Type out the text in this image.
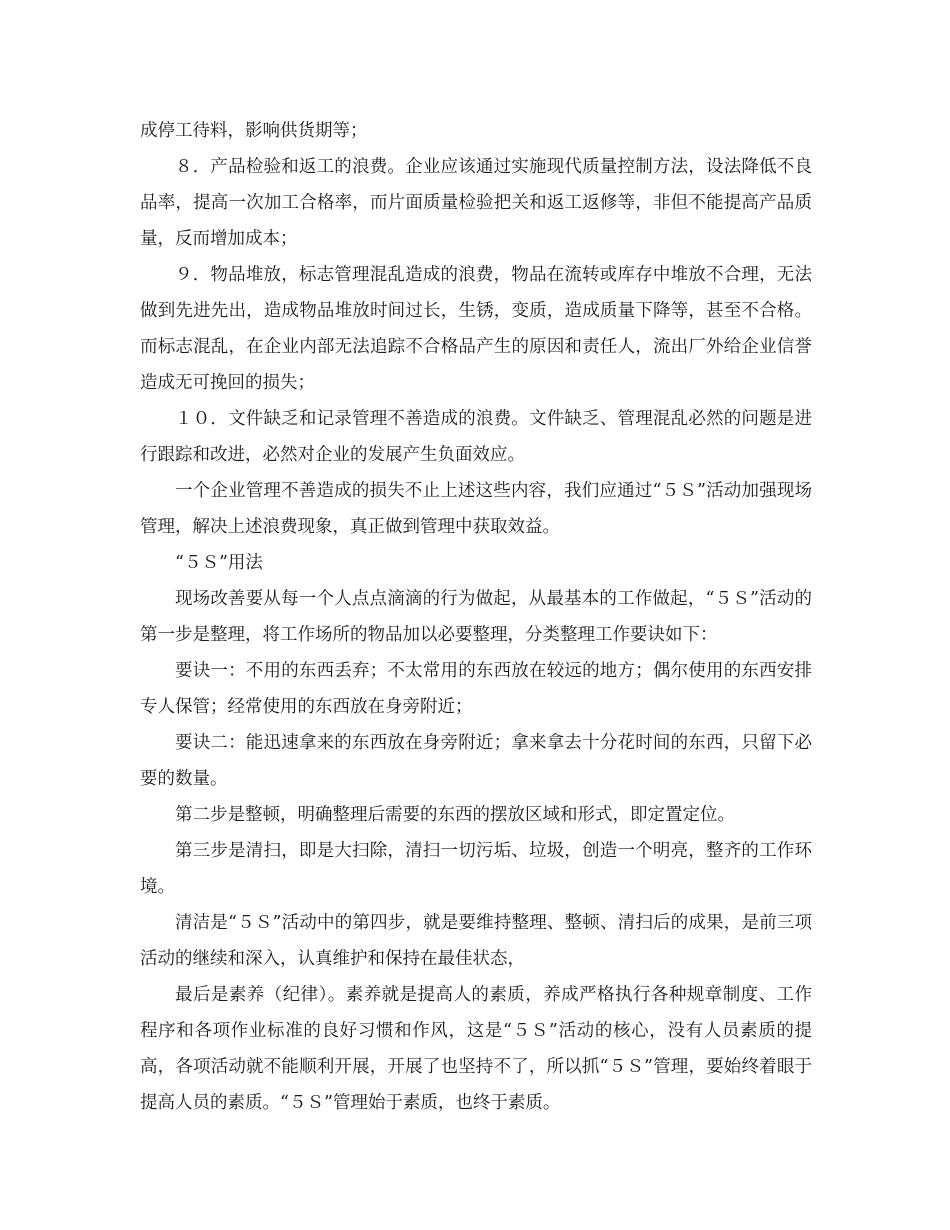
成停工待料，影响供货期等；

８．产品检验和返工的浪费。企业应该通过实施现代质量控制方法，设法降低不良品率，提高一次加工合格率，而片面质量检验把关和返工返修等，非但不能提高产品质量，反而增加成本；

９．物品堆放，标志管理混乱造成的浪费，物品在流转或库存中堆放不合理，无法做到先进先出，造成物品堆放时间过长，生锈，变质，造成质量下降等，甚至不合格。而标志混乱，在企业内部无法追踪不合格品产生的原因和责任人，流出厂外给企业信誉造成无可挽回的损失；

１０．文件缺乏和记录管理不善造成的浪费。文件缺乏、管理混乱必然的问题是进行跟踪和改进，必然对企业的发展产生负面效应。

一个企业管理不善造成的损失不止上述这些内容，我们应通过“５Ｓ”活动加强现场管理，解决上述浪费现象，真正做到管理中获取效益。

“５Ｓ”用法

现场改善要从每一个人点点滴滴的行为做起，从最基本的工作做起，“５Ｓ”活动的第一步是整理，将工作场所的物品加以必要整理，分类整理工作要诀如下：

要诀一：不用的东西丢弃；不太常用的东西放在较远的地方；偶尔使用的东西安排专人保管；经常使用的东西放在身旁附近；

要诀二：能迅速拿来的东西放在身旁附近；拿来拿去十分花时间的东西，只留下必要的数量。

第二步是整顿，明确整理后需要的东西的摆放区域和形式，即定置定位。

第三步是清扫，即是大扫除，清扫一切污垢、垃圾，创造一个明亮，整齐的工作环境。

清洁是“５Ｓ”活动中的第四步，就是要维持整理、整顿、清扫后的成果，是前三项活动的继续和深入，认真维护和保持在最佳状态，

最后是素养（纪律）。素养就是提高人的素质，养成严格执行各种规章制度、工作程序和各项作业标准的良好习惯和作风，这是“５Ｓ”活动的核心，没有人员素质的提高，各项活动就不能顺利开展，开展了也坚持不了，所以抓“５Ｓ”管理，要始终着眼于提高人员的素质。“５Ｓ”管理始于素质，也终于素质。
